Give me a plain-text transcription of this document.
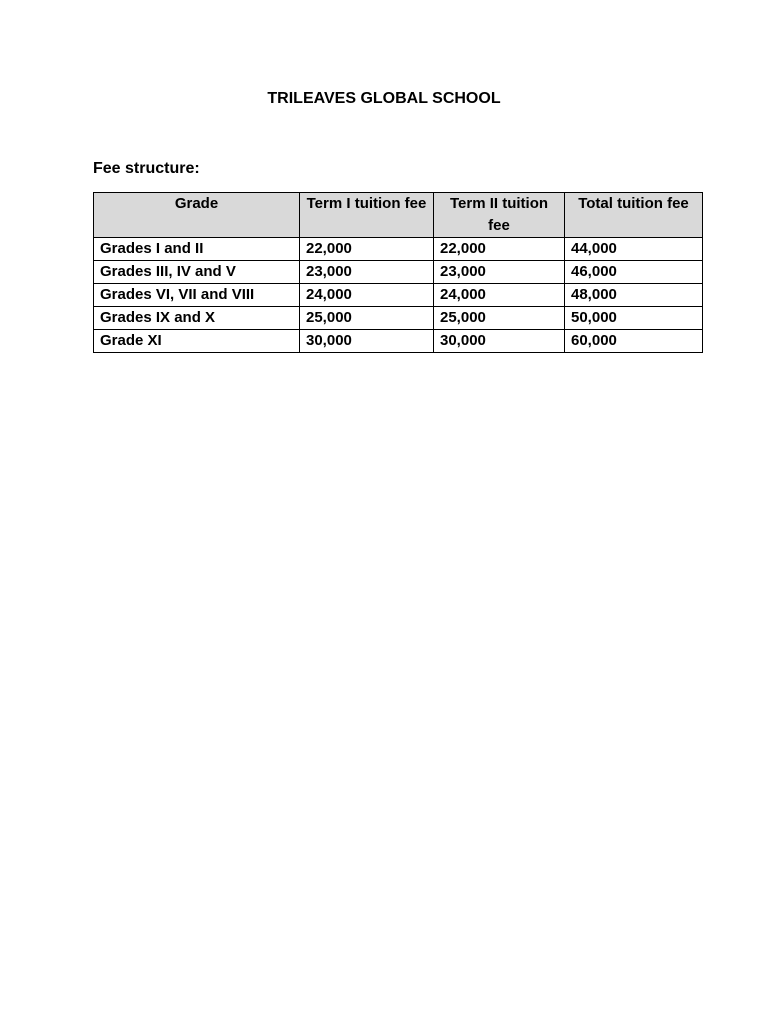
TRILEAVES GLOBAL SCHOOL
Fee structure:
Grade	Term I tuition fee	Term II tuition fee	Total tuition fee
Grades I and II	22,000	22,000	44,000
Grades III, IV and V	23,000	23,000	46,000
Grades VI, VII and VIII	24,000	24,000	48,000
Grades IX and X	25,000	25,000	50,000
Grade XI	30,000	30,000	60,000
